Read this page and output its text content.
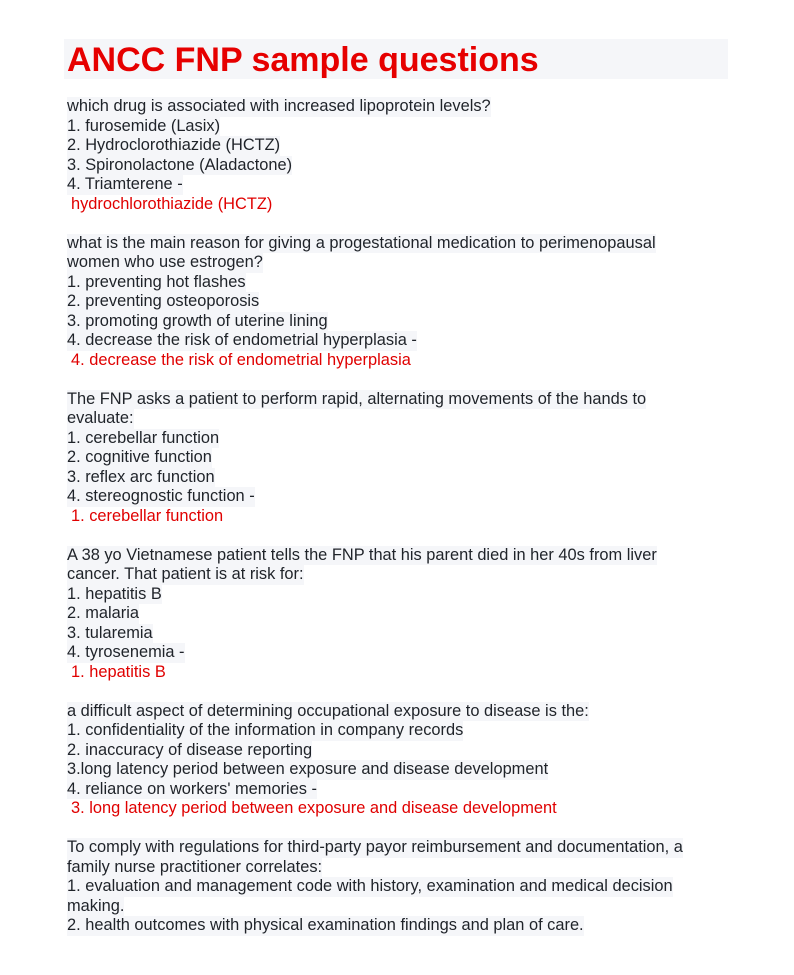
ANCC FNP sample questions
which drug is associated with increased lipoprotein levels?
1. furosemide (Lasix)
2. Hydroclorothiazide (HCTZ)
3. Spironolactone (Aladactone)
4. Triamterene -
hydrochlorothiazide (HCTZ)
what is the main reason for giving a progestational medication to perimenopausal
women who use estrogen?
1. preventing hot flashes
2. preventing osteoporosis
3. promoting growth of uterine lining
4. decrease the risk of endometrial hyperplasia -
4. decrease the risk of endometrial hyperplasia
The FNP asks a patient to perform rapid, alternating movements of the hands to
evaluate:
1. cerebellar function
2. cognitive function
3. reflex arc function
4. stereognostic function -
1. cerebellar function
A 38 yo Vietnamese patient tells the FNP that his parent died in her 40s from liver
cancer. That patient is at risk for:
1. hepatitis B
2. malaria
3. tularemia
4. tyrosenemia -
1. hepatitis B
a difficult aspect of determining occupational exposure to disease is the:
1. confidentiality of the information in company records
2. inaccuracy of disease reporting
3.long latency period between exposure and disease development
4. reliance on workers' memories -
3. long latency period between exposure and disease development
To comply with regulations for third-party payor reimbursement and documentation, a
family nurse practitioner correlates:
1. evaluation and management code with history, examination and medical decision
making.
2. health outcomes with physical examination findings and plan of care.
